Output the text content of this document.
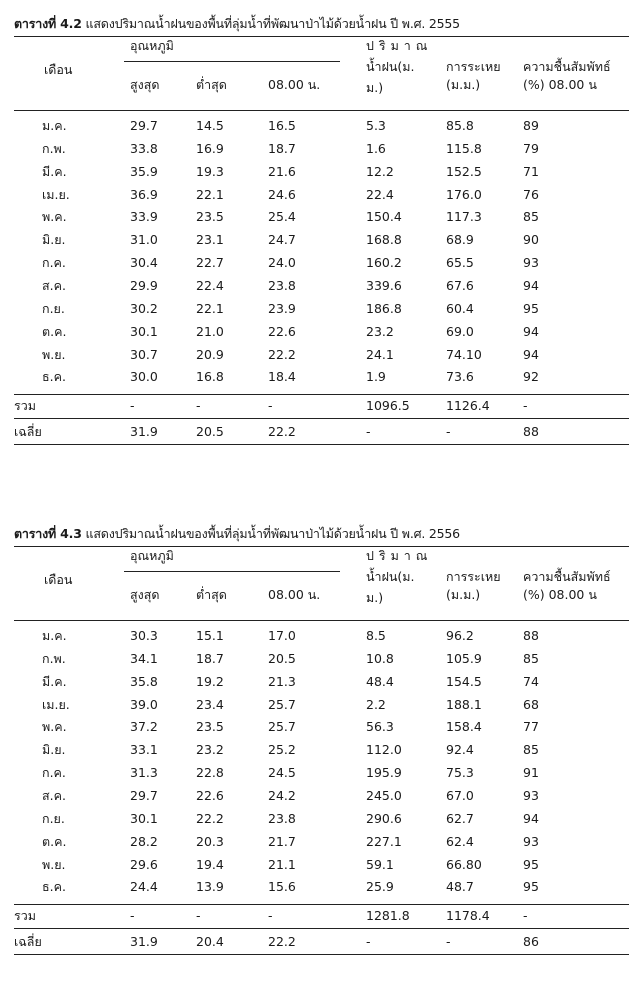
ตารางที่ 4.2 แสดงปริมาณน้ำฝนของพื้นที่ลุ่มน้ำที่พัฒนาป่าไม้ด้วยน้ำฝน ปี พ.ศ. 2555
เดือน
อุณหภูมิ
สูงสุด	ต่ำสุด	08.00 น.
ป ริ ม า ณ
น้ำฝน(ม.
ม.)
การระเหย
(ม.ม.)
ความชื้นสัมพัทธ์
(%) 08.00 น
ม.ค.	29.7	14.5	16.5	5.3	85.8	89
ก.พ.	33.8	16.9	18.7	1.6	115.8	79
มี.ค.	35.9	19.3	21.6	12.2	152.5	71
เม.ย.	36.9	22.1	24.6	22.4	176.0	76
พ.ค.	33.9	23.5	25.4	150.4	117.3	85
มิ.ย.	31.0	23.1	24.7	168.8	68.9	90
ก.ค.	30.4	22.7	24.0	160.2	65.5	93
ส.ค.	29.9	22.4	23.8	339.6	67.6	94
ก.ย.	30.2	22.1	23.9	186.8	60.4	95
ต.ค.	30.1	21.0	22.6	23.2	69.0	94
พ.ย.	30.7	20.9	22.2	24.1	74.10	94
ธ.ค.	30.0	16.8	18.4	1.9	73.6	92
รวม	-	-	-	1096.5	1126.4	-
เฉลี่ย	31.9	20.5	22.2	-	-	88
ตารางที่ 4.3 แสดงปริมาณน้ำฝนของพื้นที่ลุ่มน้ำที่พัฒนาป่าไม้ด้วยน้ำฝน ปี พ.ศ. 2556
เดือน
อุณหภูมิ
สูงสุด	ต่ำสุด	08.00 น.
ป ริ ม า ณ
น้ำฝน(ม.
ม.)
การระเหย
(ม.ม.)
ความชื้นสัมพัทธ์
(%) 08.00 น
ม.ค.	30.3	15.1	17.0	8.5	96.2	88
ก.พ.	34.1	18.7	20.5	10.8	105.9	85
มี.ค.	35.8	19.2	21.3	48.4	154.5	74
เม.ย.	39.0	23.4	25.7	2.2	188.1	68
พ.ค.	37.2	23.5	25.7	56.3	158.4	77
มิ.ย.	33.1	23.2	25.2	112.0	92.4	85
ก.ค.	31.3	22.8	24.5	195.9	75.3	91
ส.ค.	29.7	22.6	24.2	245.0	67.0	93
ก.ย.	30.1	22.2	23.8	290.6	62.7	94
ต.ค.	28.2	20.3	21.7	227.1	62.4	93
พ.ย.	29.6	19.4	21.1	59.1	66.80	95
ธ.ค.	24.4	13.9	15.6	25.9	48.7	95
รวม	-	-	-	1281.8	1178.4	-
เฉลี่ย	31.9	20.4	22.2	-	-	86
